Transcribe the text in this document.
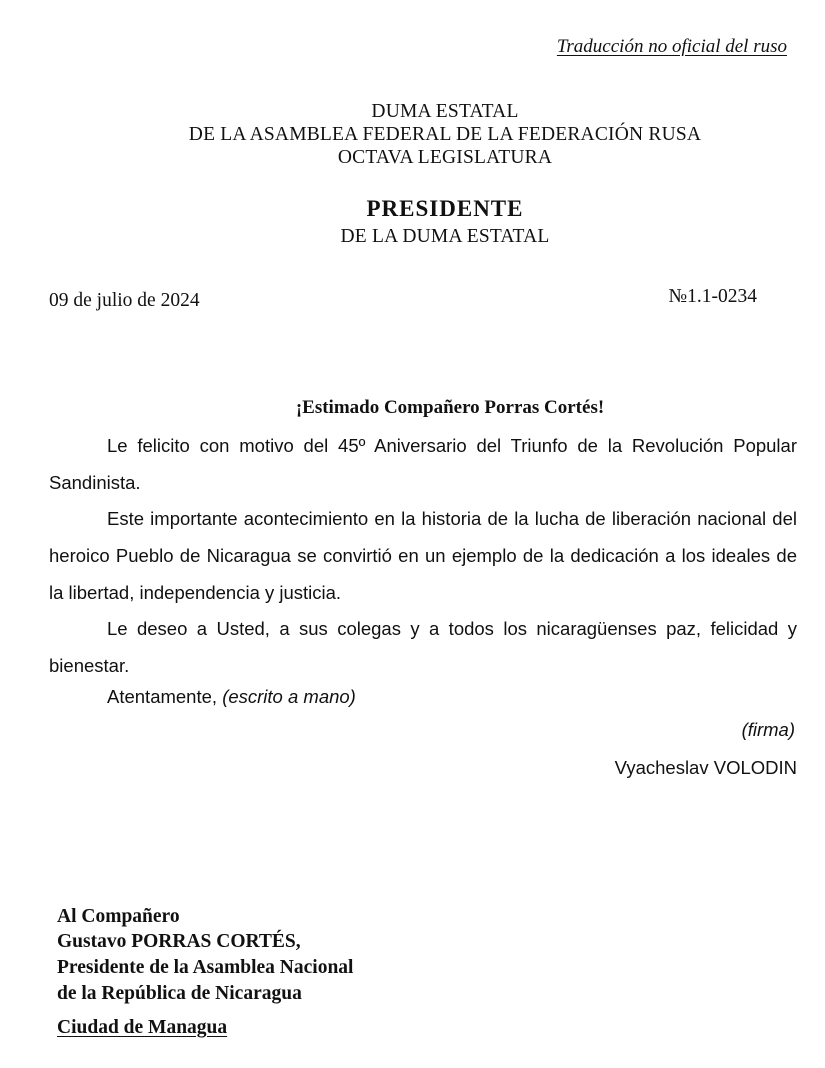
Traducción no oficial del ruso
DUMA ESTATAL
DE LA ASAMBLEA FEDERAL DE LA FEDERACIÓN RUSA
OCTAVA LEGISLATURA
PRESIDENTE
DE LA DUMA ESTATAL
09 de julio de 2024	№1.1-0234
¡Estimado Compañero Porras Cortés!

Le felicito con motivo del 45º Aniversario del Triunfo de la Revolución Popular Sandinista.

Este importante acontecimiento en la historia de la lucha de liberación nacional del heroico Pueblo de Nicaragua se convirtió en un ejemplo de la dedicación a los ideales de la libertad, independencia y justicia.

Le deseo a Usted, a sus colegas y a todos los nicaragüenses paz, felicidad y bienestar.

Atentamente, (escrito a mano)
(firma)
Vyacheslav VOLODIN
Al Compañero
Gustavo PORRAS CORTÉS,
Presidente de la Asamblea Nacional
de la República de Nicaragua
Ciudad de Managua
